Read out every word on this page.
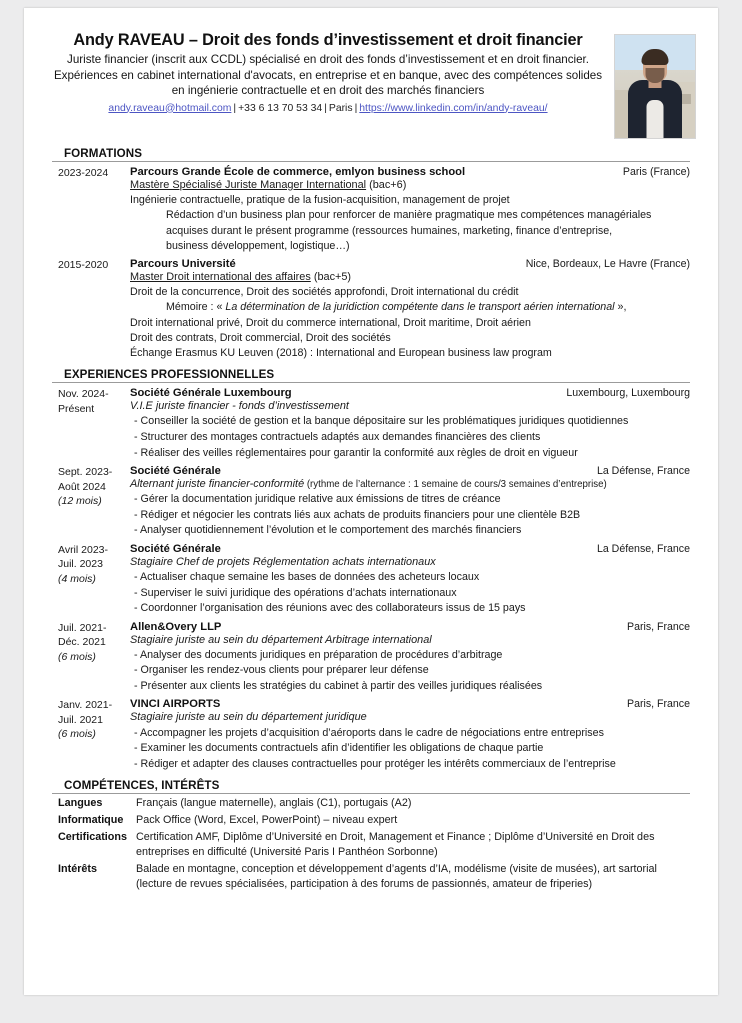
Andy RAVEAU – Droit des fonds d’investissement et droit financier
Juriste financier (inscrit aux CCDL) spécialisé en droit des fonds d’investissement et en droit financier. Expériences en cabinet international d'avocats, en entreprise et en banque, avec des compétences solides en ingénierie contractuelle et en droit des marchés financiers
andy.raveau@hotmail.com | +33 6 13 70 53 34 | Paris | https://www.linkedin.com/in/andy-raveau/
FORMATIONS
2023-2024	Parcours Grande École de commerce, emlyon business school	Paris (France)
Mastère Spécialisé Juriste Manager International (bac+6)
Ingénierie contractuelle, pratique de la fusion-acquisition, management de projet
Rédaction d’un business plan pour renforcer de manière pragmatique mes compétences managériales
acquises durant le présent programme (ressources humaines, marketing, finance d’entreprise,
business développement, logistique…)
2015-2020	Parcours Université	Nice, Bordeaux, Le Havre (France)
Master Droit international des affaires (bac+5)
Droit de la concurrence, Droit des sociétés approfondi, Droit international du crédit
Mémoire : « La détermination de la juridiction compétente dans le transport aérien international »,
Droit international privé, Droit du commerce international, Droit maritime, Droit aérien
Droit des contrats, Droit commercial, Droit des sociétés
Échange Erasmus KU Leuven (2018) : International and European business law program
EXPERIENCES PROFESSIONNELLES
Nov. 2024-
Présent
Société Générale Luxembourg	Luxembourg, Luxembourg
V.I.E juriste financier - fonds d’investissement
- Conseiller la société de gestion et la banque dépositaire sur les problématiques juridiques quotidiennes
- Structurer des montages contractuels adaptés aux demandes financières des clients
- Réaliser des veilles réglementaires pour garantir la conformité aux règles de droit en vigueur
Sept. 2023-
Août 2024
(12 mois)
Société Générale	La Défense, France
Alternant juriste financier-conformité (rythme de l’alternance : 1 semaine de cours/3 semaines d’entreprise)
- Gérer la documentation juridique relative aux émissions de titres de créance
- Rédiger et négocier les contrats liés aux achats de produits financiers pour une clientèle B2B
- Analyser quotidiennement l’évolution et le comportement des marchés financiers
Avril 2023-
Juil. 2023
(4 mois)
Société Générale	La Défense, France
Stagiaire Chef de projets Réglementation achats internationaux
- Actualiser chaque semaine les bases de données des acheteurs locaux
- Superviser le suivi juridique des opérations d’achats internationaux
- Coordonner l’organisation des réunions avec des collaborateurs issus de 15 pays
Juil. 2021-
Déc. 2021
(6 mois)
Allen&Overy LLP	Paris, France
Stagiaire juriste au sein du département Arbitrage international
- Analyser des documents juridiques en préparation de procédures d’arbitrage
- Organiser les rendez-vous clients pour préparer leur défense
- Présenter aux clients les stratégies du cabinet à partir des veilles juridiques réalisées
Janv. 2021-
Juil. 2021
(6 mois)
VINCI AIRPORTS	Paris, France
Stagiaire juriste au sein du département juridique
- Accompagner les projets d’acquisition d’aéroports dans le cadre de négociations entre entreprises
- Examiner les documents contractuels afin d’identifier les obligations de chaque partie
- Rédiger et adapter des clauses contractuelles pour protéger les intérêts commerciaux de l’entreprise
COMPÉTENCES, INTÉRÊTS
Langues	Français (langue maternelle), anglais (C1), portugais (A2)
Informatique	Pack Office (Word, Excel, PowerPoint) – niveau expert
Certifications Certification AMF, Diplôme d’Université en Droit, Management et Finance ; Diplôme d’Université en Droit des entreprises en difficulté (Université Paris I Panthéon Sorbonne)
Intérêts	Balade en montagne, conception et développement d’agents d’IA, modélisme (visite de musées), art sartorial (lecture de revues spécialisées, participation à des forums de passionnés, amateur de friperies)
